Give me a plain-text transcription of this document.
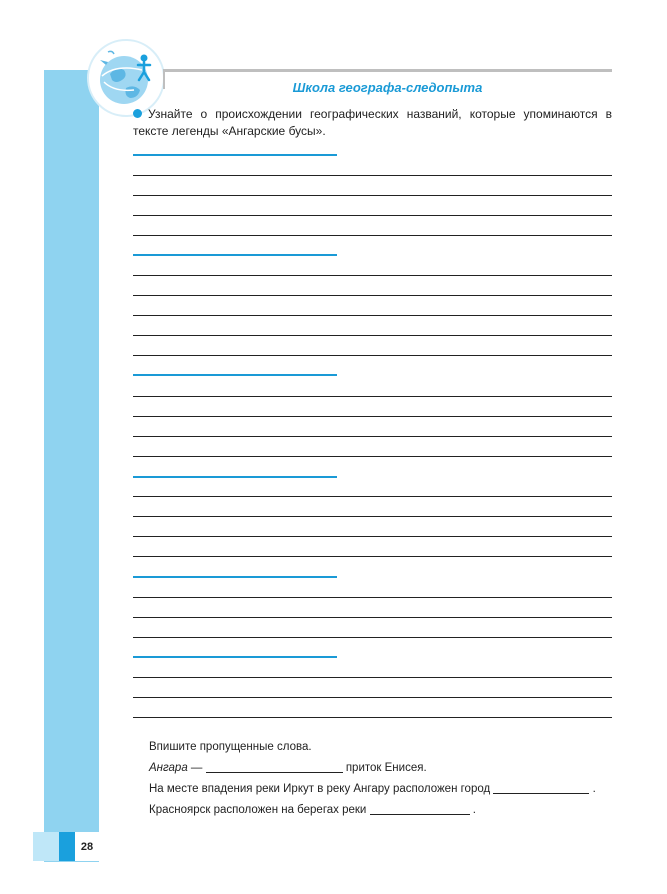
Школа географа-следопыта
Узнайте о происхождении географических названий, которые упоминаются в тексте легенды «Ангарские бусы».
Впишите пропущенные слова.
Ангара —	приток Енисея.
На месте впадения реки Иркут в реку Ангару расположен город	.
Красноярск расположен на берегах реки	.
28
